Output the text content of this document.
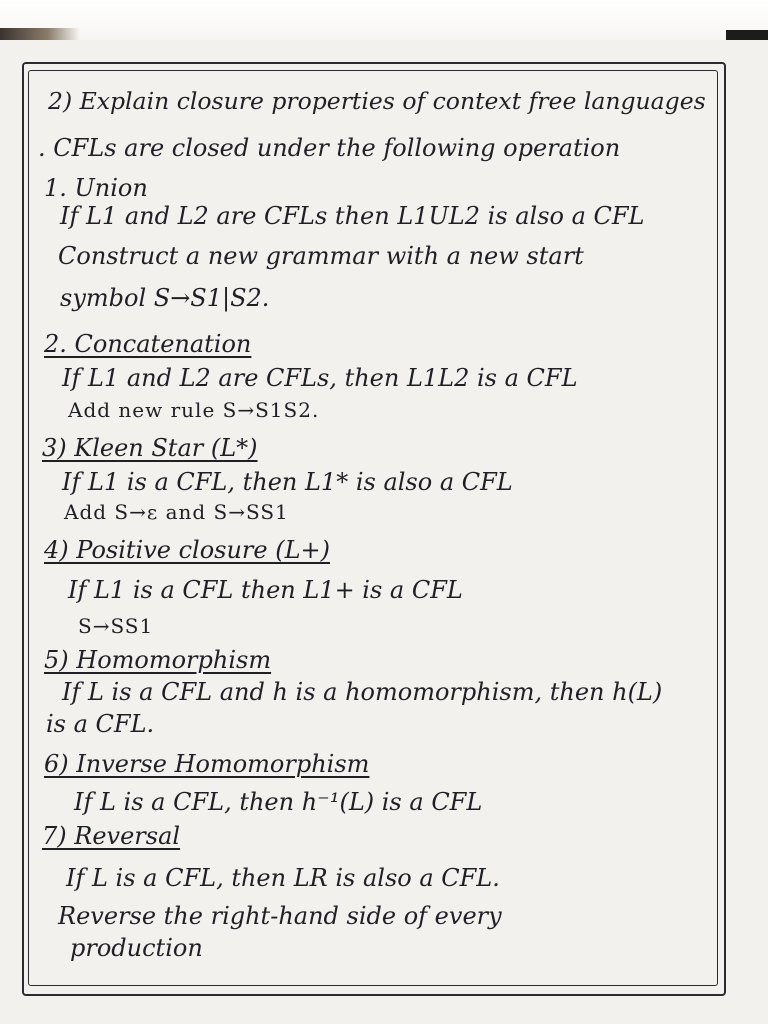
2) Explain closure properties of context free languages
. CFLs are closed under the following operation
1. Union
If L1 and L2 are CFLs then L1UL2 is also a CFL
Construct a new grammar with a new start
symbol S→S1|S2.
2. Concatenation
If L1 and L2 are CFLs, then L1L2 is a CFL
Add new rule S→S1S2.
3) Kleen Star (L*)
If L1 is a CFL, then L1* is also a CFL
Add S→ε and S→SS1
4) Positive closure (L+)
If L1 is a CFL then L1+ is a CFL
S→SS1
5) Homomorphism
If L is a CFL and h is a homomorphism, then h(L)
is a CFL.
6) Inverse Homomorphism
If L is a CFL, then h⁻¹(L) is a CFL
7) Reversal
If L is a CFL, then LR is also a CFL.
Reverse the right-hand side of every
production
